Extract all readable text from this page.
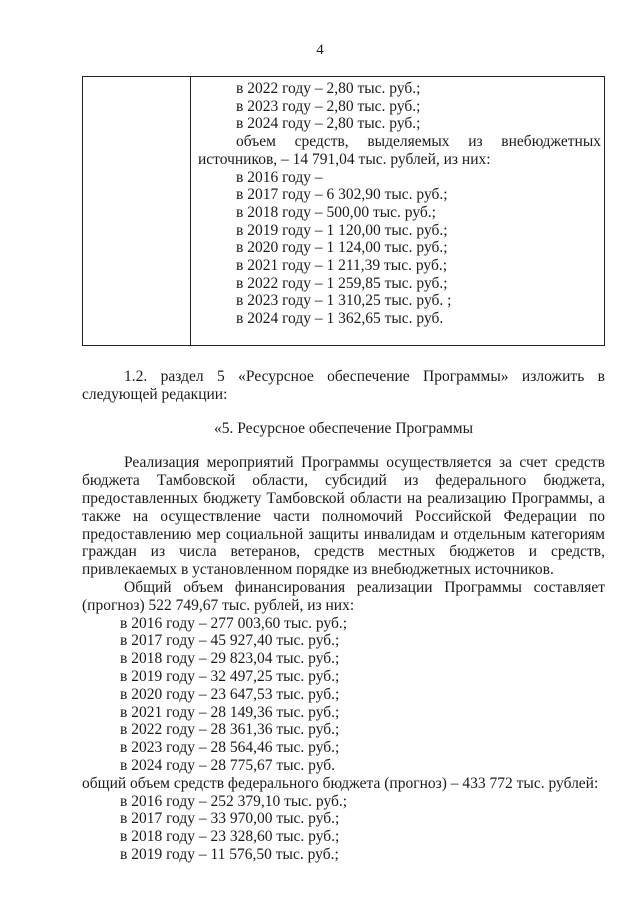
4
в 2022 году – 2,80 тыс. руб.;
в 2023 году – 2,80 тыс. руб.;
в 2024 году – 2,80 тыс. руб.;
объем средств, выделяемых из внебюджетных
источников, – 14 791,04 тыс. рублей, из них:
в 2016 году –
в 2017 году – 6 302,90 тыс. руб.;
в 2018 году – 500,00 тыс. руб.;
в 2019 году – 1 120,00 тыс. руб.;
в 2020 году – 1 124,00 тыс. руб.;
в 2021 году – 1 211,39 тыс. руб.;
в 2022 году – 1 259,85 тыс. руб.;
в 2023 году – 1 310,25 тыс. руб. ;
в 2024 году – 1 362,65 тыс. руб.

1.2. раздел 5 «Ресурсное обеспечение Программы» изложить в

следующей редакции:

«5. Ресурсное обеспечение Программы

Реализация мероприятий Программы осуществляется за счет средств бюджета Тамбовской области, субсидий из федерального бюджета, предоставленных бюджету Тамбовской области на реализацию Программы, а также на осуществление части полномочий Российской Федерации по предоставлению мер социальной защиты инвалидам и отдельным категориям граждан из числа ветеранов, средств местных бюджетов и средств, привлекаемых в установленном порядке из внебюджетных источников.

Общий объем финансирования реализации Программы составляет (прогноз) 522 749,67 тыс. рублей, из них:

в 2016 году – 277 003,60 тыс. руб.;
в 2017 году – 45 927,40 тыс. руб.;
в 2018 году – 29 823,04 тыс. руб.;
в 2019 году – 32 497,25 тыс. руб.;
в 2020 году – 23 647,53 тыс. руб.;
в 2021 году – 28 149,36 тыс. руб.;
в 2022 году – 28 361,36 тыс. руб.;
в 2023 году – 28 564,46 тыс. руб.;
в 2024 году – 28 775,67 тыс. руб.

общий объем средств федерального бюджета (прогноз) – 433 772 тыс. рублей:

в 2016 году – 252 379,10 тыс. руб.;
в 2017 году – 33 970,00 тыс. руб.;
в 2018 году – 23 328,60 тыс. руб.;
в 2019 году – 11 576,50 тыс. руб.;
